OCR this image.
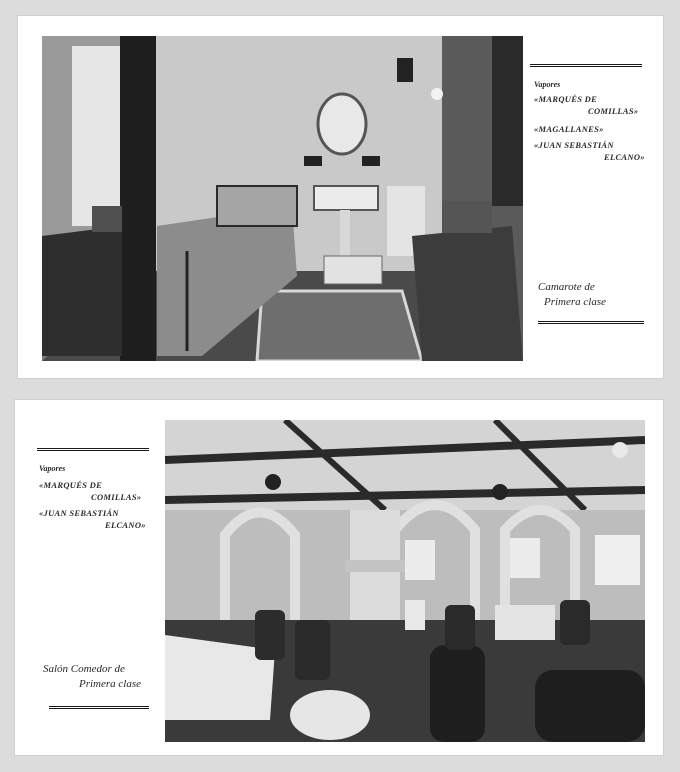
Vapores
«MARQUÉS DE
COMILLAS»
«MAGALLANES»
«JUAN SEBASTIÁN
ELCANO»
Camarote de
Primera clase
Vapores
«MARQUÉS DE
COMILLAS»
«JUAN SEBASTIÁN
ELCANO»
Salón Comedor de
Primera clase
